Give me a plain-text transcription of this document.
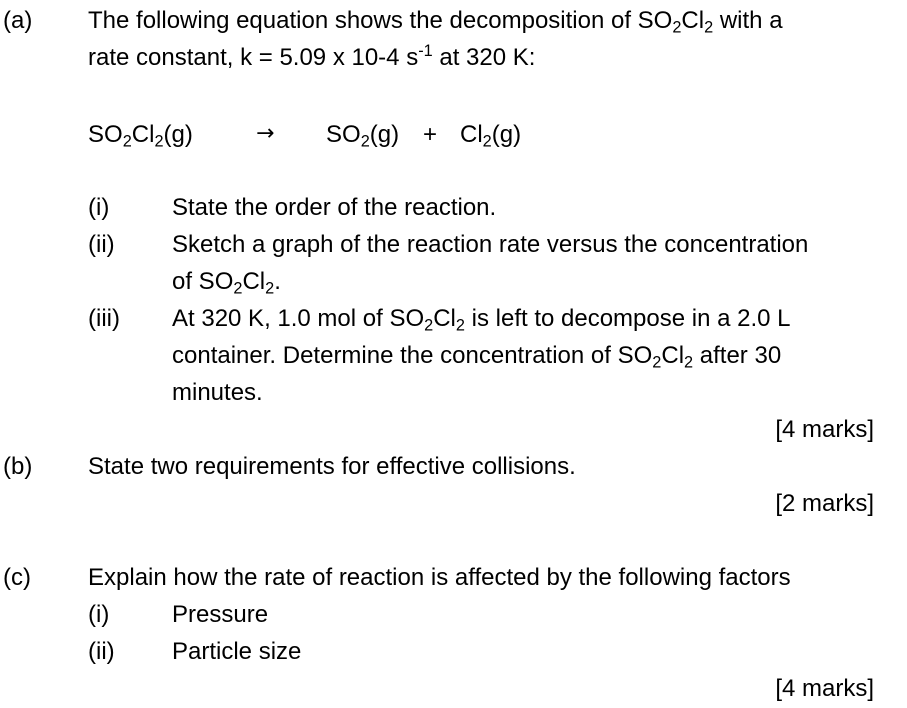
(a) The following equation shows the decomposition of $SO_2Cl_2$ with a
rate constant, k = 5.09 x 10-4 $s^{-1}$ at 320 K:
$SO_2Cl_2(g)$	→ $SO_2(g) + Cl_2(g)$
(i)	State the order of the reaction.
(ii) Sketch a graph of the reaction rate versus the concentration
of $SO_2Cl_2$.
(iii) At 320 K, 1.0 mol of $SO_2Cl_2$ is left to decompose in a 2.0 L
container. Determine the concentration of $SO_2Cl_2$ after 30
minutes.
[4 marks]
(b) State two requirements for effective collisions.
[2 marks]
(c) Explain how the rate of reaction is affected by the following factors
(i)	Pressure
(ii) Particle size
[4 marks]
